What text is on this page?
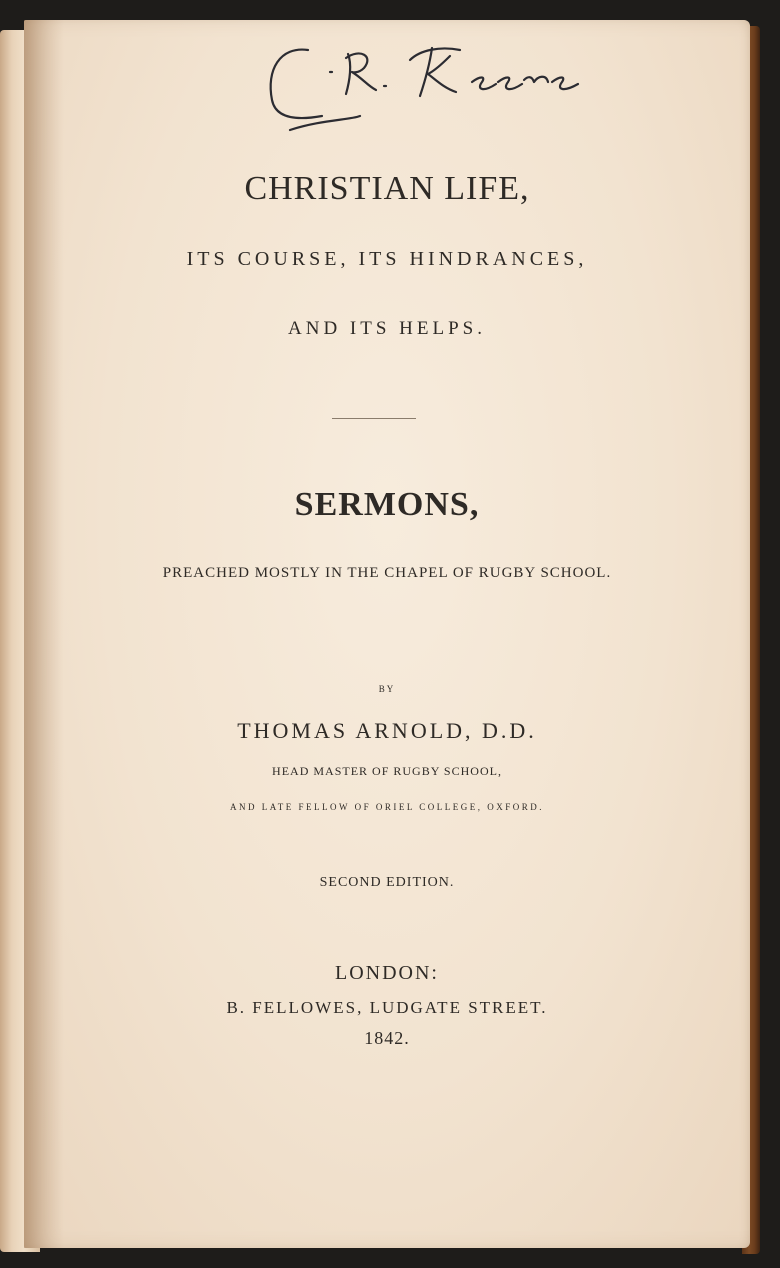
CHRISTIAN LIFE,
ITS COURSE, ITS HINDRANCES,
AND ITS HELPS.
SERMONS,
PREACHED MOSTLY IN THE CHAPEL OF RUGBY SCHOOL.
BY
THOMAS ARNOLD, D.D.
HEAD MASTER OF RUGBY SCHOOL,
AND LATE FELLOW OF ORIEL COLLEGE, OXFORD.
SECOND EDITION.
LONDON:
B. FELLOWES, LUDGATE STREET.
1842.
